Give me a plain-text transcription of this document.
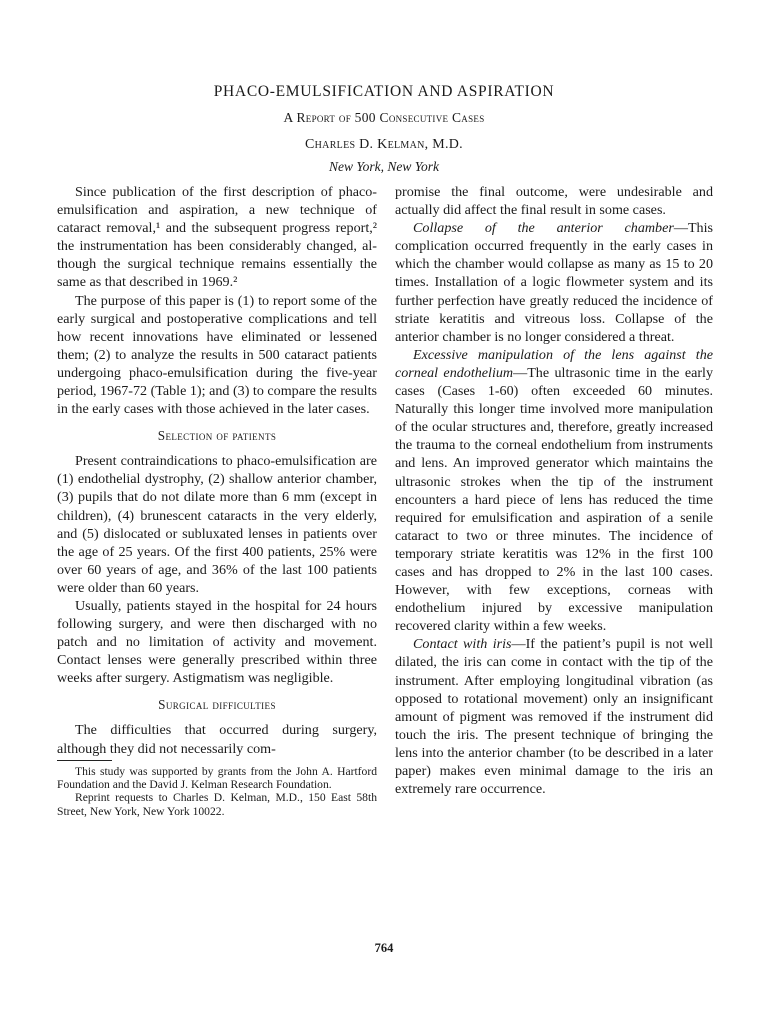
PHACO-EMULSIFICATION AND ASPIRATION
A Report of 500 Consecutive Cases
Charles D. Kelman, M.D.
New York, New York

Since publication of the first description of phaco-emulsification and aspiration, a new technique of cataract removal,¹ and the subsequent progress report,² the instrumentation has been considerably changed, although the surgical technique remains essentially the same as that described in 1969.²

The purpose of this paper is (1) to report some of the early surgical and postoperative complications and tell how recent innovations have eliminated or lessened them; (2) to analyze the results in 500 cataract patients undergoing phaco-emulsification during the five-year period, 1967-72 (Table 1); and (3) to compare the results in the early cases with those achieved in the later cases.

Selection of patients

Present contraindications to phaco-emulsification are (1) endothelial dystrophy, (2) shallow anterior chamber, (3) pupils that do not dilate more than 6 mm (except in children), (4) brunescent cataracts in the very elderly, and (5) dislocated or subluxated lenses in patients over the age of 25 years. Of the first 400 patients, 25% were over 60 years of age, and 36% of the last 100 patients were older than 60 years.

Usually, patients stayed in the hospital for 24 hours following surgery, and were then discharged with no patch and no limitation of activity and movement. Contact lenses were generally prescribed within three weeks after surgery. Astigmatism was negligible.

Surgical difficulties

The difficulties that occurred during surgery, although they did not necessarily com-

This study was supported by grants from the John A. Hartford Foundation and the David J. Kelman Research Foundation.

Reprint requests to Charles D. Kelman, M.D., 150 East 58th Street, New York, New York 10022.

promise the final outcome, were undesirable and actually did affect the final result in some cases.

Collapse of the anterior chamber—This complication occurred frequently in the early cases in which the chamber would collapse as many as 15 to 20 times. Installation of a logic flowmeter system and its further perfection have greatly reduced the incidence of striate keratitis and vitreous loss. Collapse of the anterior chamber is no longer considered a threat.

Excessive manipulation of the lens against the corneal endothelium—The ultrasonic time in the early cases (Cases 1-60) often exceeded 60 minutes. Naturally this longer time involved more manipulation of the ocular structures and, therefore, greatly increased the trauma to the corneal endothelium from instruments and lens. An improved generator which maintains the ultrasonic strokes when the tip of the instrument encounters a hard piece of lens has reduced the time required for emulsification and aspiration of a senile cataract to two or three minutes. The incidence of temporary striate keratitis was 12% in the first 100 cases and has dropped to 2% in the last 100 cases. However, with few exceptions, corneas with endothelium injured by excessive manipulation recovered clarity within a few weeks.

Contact with iris—If the patient’s pupil is not well dilated, the iris can come in contact with the tip of the instrument. After employing longitudinal vibration (as opposed to rotational movement) only an insignificant amount of pigment was removed if the instrument did touch the iris. The present technique of bringing the lens into the anterior chamber (to be described in a later paper) makes even minimal damage to the iris an extremely rare occurrence.

764
